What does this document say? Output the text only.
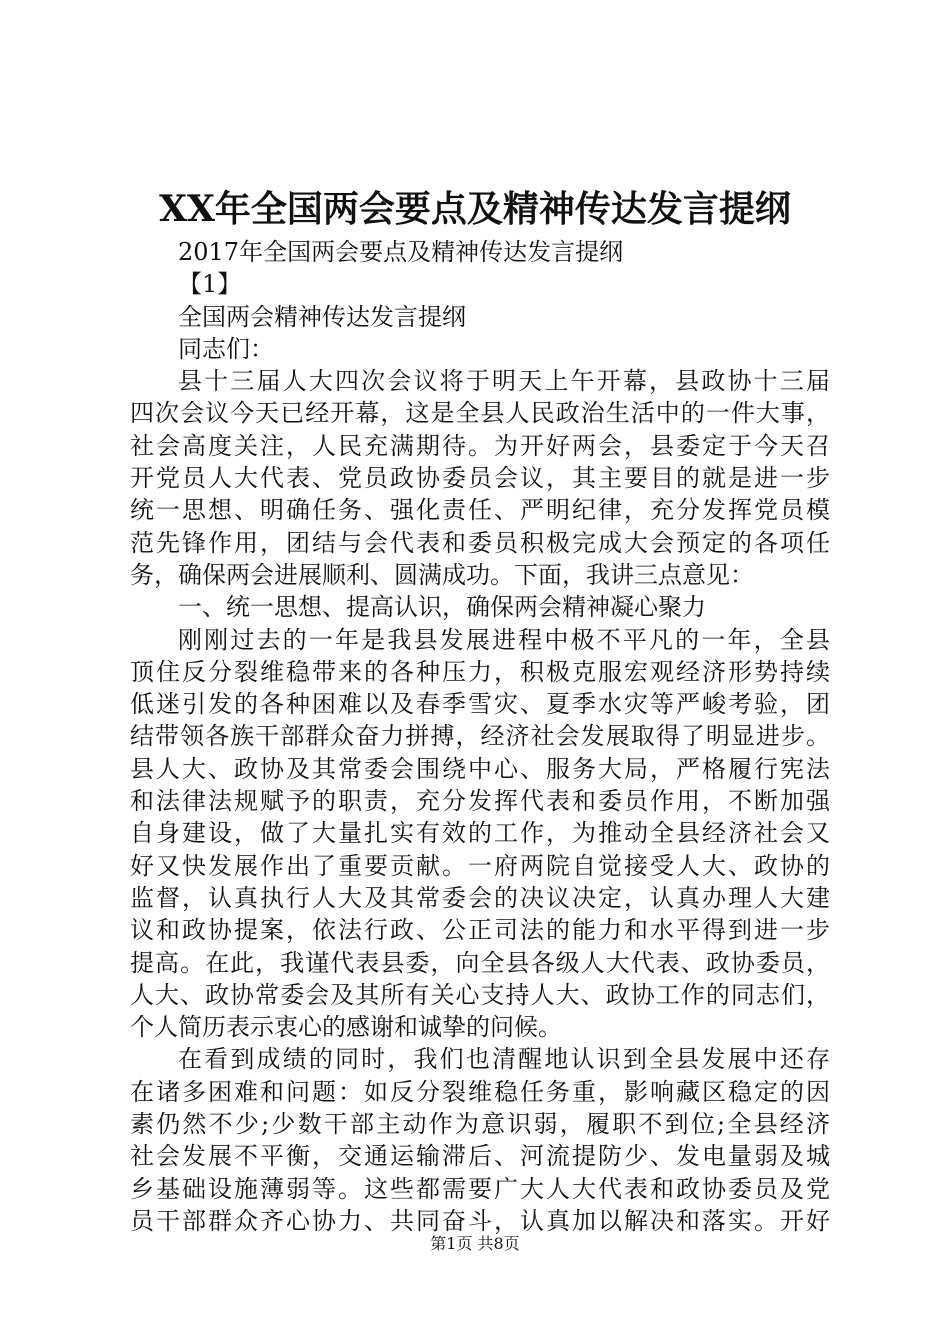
XX年全国两会要点及精神传达发言提纲
2017年全国两会要点及精神传达发言提纲
【1】
全国两会精神传达发言提纲
同志们：
县十三届人大四次会议将于明天上午开幕，县政协十三届
四次会议今天已经开幕，这是全县人民政治生活中的一件大事，
社会高度关注，人民充满期待。为开好两会，县委定于今天召
开党员人大代表、党员政协委员会议，其主要目的就是进一步
统一思想、明确任务、强化责任、严明纪律，充分发挥党员模
范先锋作用，团结与会代表和委员积极完成大会预定的各项任
务，确保两会进展顺利、圆满成功。下面，我讲三点意见：
一、统一思想、提高认识，确保两会精神凝心聚力
刚刚过去的一年是我县发展进程中极不平凡的一年，全县
顶住反分裂维稳带来的各种压力，积极克服宏观经济形势持续
低迷引发的各种困难以及春季雪灾、夏季水灾等严峻考验，团
结带领各族干部群众奋力拼搏，经济社会发展取得了明显进步。
县人大、政协及其常委会围绕中心、服务大局，严格履行宪法
和法律法规赋予的职责，充分发挥代表和委员作用，不断加强
自身建设，做了大量扎实有效的工作，为推动全县经济社会又
好又快发展作出了重要贡献。一府两院自觉接受人大、政协的
监督，认真执行人大及其常委会的决议决定，认真办理人大建
议和政协提案，依法行政、公正司法的能力和水平得到进一步
提高。在此，我谨代表县委，向全县各级人大代表、政协委员，
人大、政协常委会及其所有关心支持人大、政协工作的同志们，
个人简历表示衷心的感谢和诚挚的问候。
在看到成绩的同时，我们也清醒地认识到全县发展中还存
在诸多困难和问题：如反分裂维稳任务重，影响藏区稳定的因
素仍然不少;少数干部主动作为意识弱，履职不到位;全县经济
社会发展不平衡，交通运输滞后、河流提防少、发电量弱及城
乡基础设施薄弱等。这些都需要广大人大代表和政协委员及党
员干部群众齐心协力、共同奋斗，认真加以解决和落实。开好
第1页 共8页
